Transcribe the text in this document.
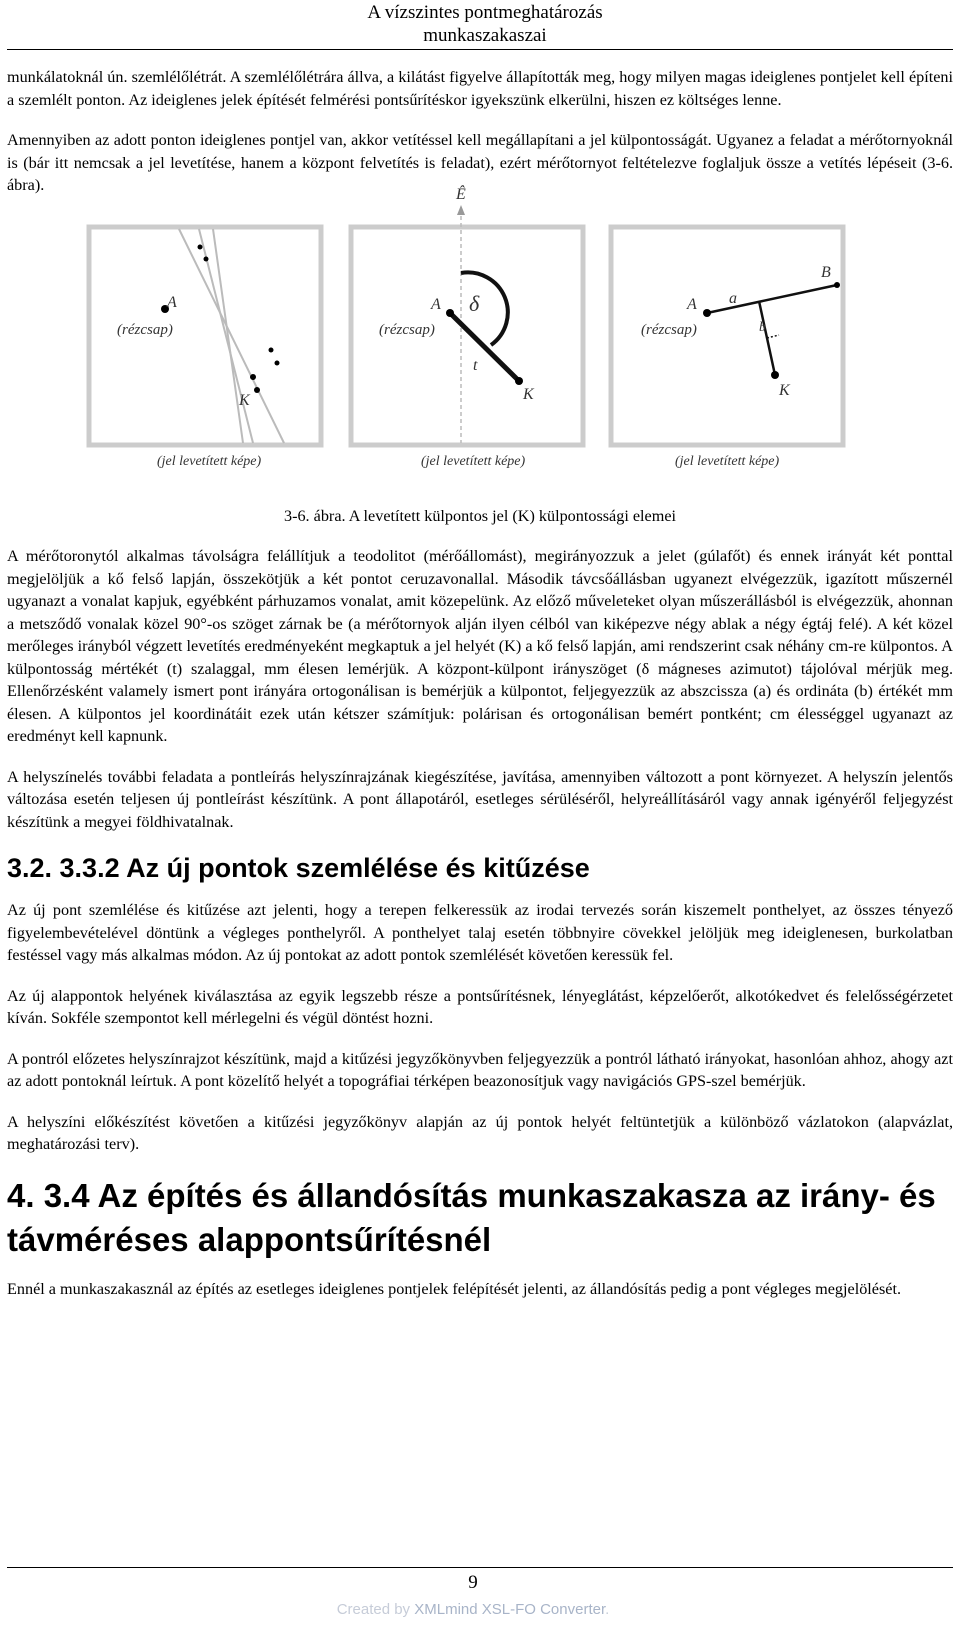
A vízszintes pontmeghatározás
munkaszakaszai

munkálatoknál ún. szemlélőlétrát. A szemlélőlétrára állva, a kilátást figyelve állapították meg, hogy milyen magas ideiglenes pontjelet kell építeni a szemlélt ponton. Az ideiglenes jelek építését felmérési pontsűrítéskor igyekszünk elkerülni, hiszen ez költséges lenne.

Amennyiben az adott ponton ideiglenes pontjel van, akkor vetítéssel kell megállapítani a jel külpontosságát. Ugyanez a feladat a mérőtornyoknál is (bár itt nemcsak a jel levetítése, hanem a központ felvetítés is feladat), ezért mérőtornyot feltételezve foglaljuk össze a vetítés lépéseit (3-6. ábra).

A
(rézcsap)
K
(jel levetített képe)
Ê
A δ
(rézcsap)
t
K
(jel levetített képe)
A a
b
B
(rézcsap)
K
(jel levetített képe)
3-6. ábra. A levetített külpontos jel (K) külpontossági elemei

A mérőtoronytól alkalmas távolságra felállítjuk a teodolitot (mérőállomást), megirányozzuk a jelet (gúlafőt) és ennek irányát két ponttal megjelöljük a kő felső lapján, összekötjük a két pontot ceruzavonallal. Második távcsőállásban ugyanezt elvégezzük, igazított műszernél ugyanazt a vonalat kapjuk, egyébként párhuzamos vonalat, amit közepelünk. Az előző műveleteket olyan műszerállásból is elvégezzük, ahonnan a metsződő vonalak közel 90°-os szöget zárnak be (a mérőtornyok alján ilyen célból van kiképezve négy ablak a négy égtáj felé). A két közel merőleges irányból végzett levetítés eredményeként megkaptuk a jel helyét (K) a kő felső lapján, ami rendszerint csak néhány cm-re külpontos. A külpontosság mértékét (t) szalaggal, mm élesen lemérjük. A központ-külpont irányszöget (δ mágneses azimutot) tájolóval mérjük meg. Ellenőrzésként valamely ismert pont irányára ortogonálisan is bemérjük a külpontot, feljegyezzük az abszcissza (a) és ordináta (b) értékét mm élesen. A külpontos jel koordinátáit ezek után kétszer számítjuk: polárisan és ortogonálisan bemért pontként; cm élességgel ugyanazt az eredményt kell kapnunk.

A helyszínelés további feladata a pontleírás helyszínrajzának kiegészítése, javítása, amennyiben változott a pont környezet. A helyszín jelentős változása esetén teljesen új pontleírást készítünk. A pont állapotáról, esetleges sérüléséről, helyreállításáról vagy annak igényéről feljegyzést készítünk a megyei földhivatalnak.

3.2. 3.3.2 Az új pontok szemlélése és kitűzése

Az új pont szemlélése és kitűzése azt jelenti, hogy a terepen felkeressük az irodai tervezés során kiszemelt ponthelyet, az összes tényező figyelembevételével döntünk a végleges ponthelyről. A ponthelyet talaj esetén többnyire cövekkel jelöljük meg ideiglenesen, burkolatban festéssel vagy más alkalmas módon. Az új pontokat az adott pontok szemlélését követően keressük fel.

Az új alappontok helyének kiválasztása az egyik legszebb része a pontsűrítésnek, lényeglátást, képzelőerőt, alkotókedvet és felelősségérzetet kíván. Sokféle szempontot kell mérlegelni és végül döntést hozni.

A pontról előzetes helyszínrajzot készítünk, majd a kitűzési jegyzőkönyvben feljegyezzük a pontról látható irányokat, hasonlóan ahhoz, ahogy azt az adott pontoknál leírtuk. A pont közelítő helyét a topográfiai térképen beazonosítjuk vagy navigációs GPS-szel bemérjük.

A helyszíni előkészítést követően a kitűzési jegyzőkönyv alapján az új pontok helyét feltüntetjük a különböző vázlatokon (alapvázlat, meghatározási terv).

4. 3.4 Az építés és állandósítás munkaszakasza az irány- és távméréses alappontsűrítésnél

Ennél a munkaszakasznál az építés az esetleges ideiglenes pontjelek felépítését jelenti, az állandósítás pedig a pont végleges megjelölését.

9
Created by XMLmind XSL-FO Converter.
